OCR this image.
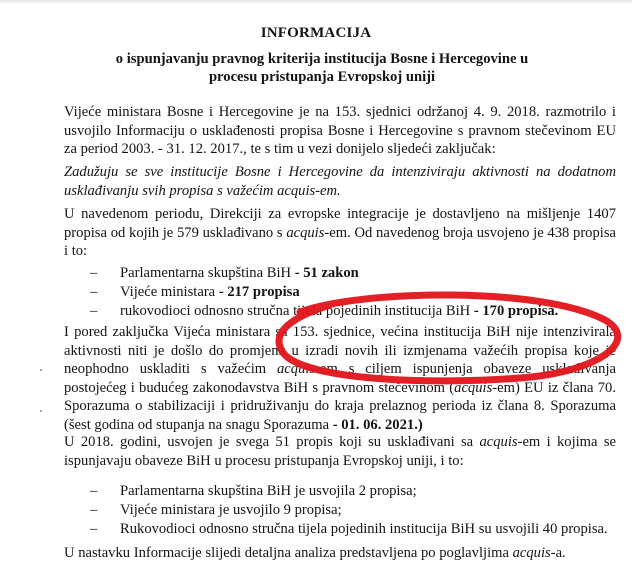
INFORMACIJA
o ispunjavanju pravnog kriterija institucija Bosne i Hercegovine u procesu pristupanja Evropskoj uniji
Vijeće ministara Bosne i Hercegovine je na 153. sjednici održanoj 4. 9. 2018. razmotrilo i usvojilo Informaciju o usklađenosti propisa Bosne i Hercegovine s pravnom stečevinom EU za period 2003. - 31. 12. 2017., te s tim u vezi donijelo sljedeći zaključak:
Zadužuju se sve institucije Bosne i Hercegovine da intenziviraju aktivnosti na dodatnom usklađivanju svih propisa s važećim acquis-em.
U navedenom periodu, Direkciji za evropske integracije je dostavljeno na mišljenje 1407 propisa od kojih je 579 usklađivano s acquis-em. Od navedenog broja usvojeno je 438 propisa i to:
– Parlamentarna skupština BiH - 51 zakon
– Vijeće ministara - 217 propisa
– rukovodioci odnosno stručna tijela pojedinih institucija BiH - 170 propisa.
I pored zaključka Vijeća ministara sa 153. sjednice, većina institucija BiH nije intenzivirala aktivnosti niti je došlo do promjena u izradi novih ili izmjenama važećih propisa koje je neophodno uskladiti s važećim acquis-em s ciljem ispunjenja obaveze usklađivanja postojećeg i budućeg zakonodavstva BiH s pravnom stečevinom (acquis-em) EU iz člana 70. Sporazuma o stabilizaciji i pridruživanju do kraja prelaznog perioda iz člana 8. Sporazuma (šest godina od stupanja na snagu Sporazuma - 01. 06. 2021.)
U 2018. godini, usvojen je svega 51 propis koji su usklađivani sa acquis-em i kojima se ispunjavaju obaveze BiH u procesu pristupanja Evropskoj uniji, i to:
– Parlamentarna skupština BiH je usvojila 2 propisa;
– Vijeće ministara je usvojilo 9 propisa;
– Rukovodioci odnosno stručna tijela pojedinih institucija BiH su usvojili 40 propisa.
U nastavku Informacije slijedi detaljna analiza predstavljena po poglavljima acquis-a.
